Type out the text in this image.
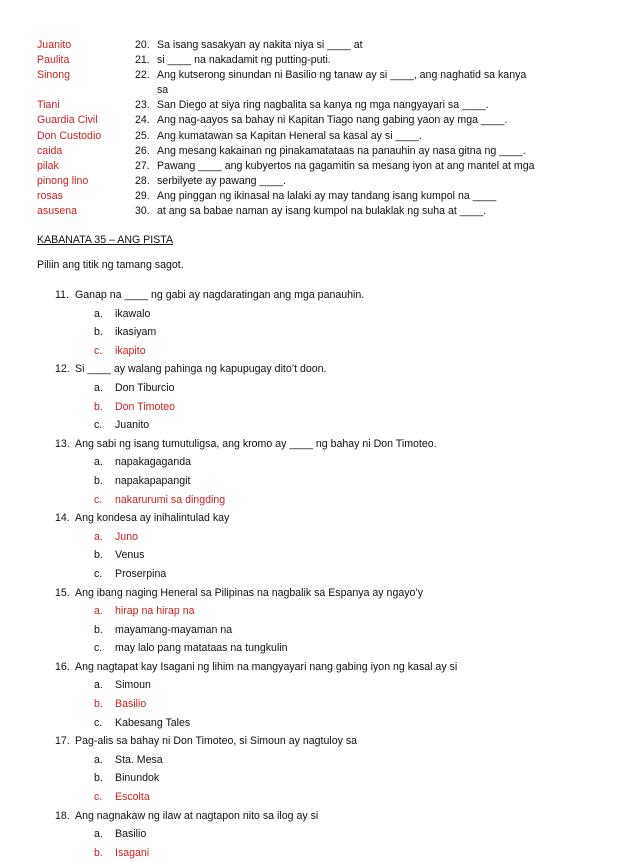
Juanito	20. Sa isang sasakyan ay nakita niya si ____ at
Paulita	21. si ____ na nakadamit ng putting-puti.
Sinong	22. Ang kutserong sinundan ni Basilio ng tanaw ay si ____, ang naghatid sa kanya
sa
Tiani	23. San Diego at siya ring nagbalita sa kanya ng mga nangyayari sa ____.
Guardia Civil	24. Ang nag-aayos sa bahay ni Kapitan Tiago nang gabing yaon ay mga ____.
Don Custodio	25. Ang kumatawan sa Kapitan Heneral sa kasal ay si ____.
caida	26. Ang mesang kakainan ng pinakamatataas na panauhin ay nasa gitna ng ____.
pilak	27. Pawang ____ ang kubyertos na gagamitin sa mesang iyon at ang mantel at mga
pinong lino	28. serbilyete ay pawang ____.
rosas	29. Ang pinggan ng ikinasal na lalaki ay may tandang isang kumpol na ____
asusena	30. at ang sa babae naman ay isang kumpol na bulaklak ng suha at ____.
KABANATA 35 – ANG PISTA
Piliin ang titik ng tamang sagot.
11. Ganap na ____ ng gabi ay nagdaratingan ang mga panauhin.
a.	ikawalo
b.	ikasiyam
c.	ikapito
12. Si ____ ay walang pahinga ng kapupugay dito’t doon.
a.	Don Tiburcio
b.	Don Timoteo
c.	Juanito
13. Ang sabi ng isang tumutuligsa, ang kromo ay ____ ng bahay ni Don Timoteo.
a.	napakagaganda
b.	napakapapangit
c.	nakarurumi sa dingding
14. Ang kondesa ay inihalintulad kay
a.	Juno
b.	Venus
c.	Proserpina
15. Ang ibang naging Heneral sa Pilipinas na nagbalik sa Espanya ay ngayo’y
a.	hirap na hirap na
b.	mayamang-mayaman na
c.	may lalo pang matataas na tungkulin
16. Ang nagtapat kay Isagani ng lihim na mangyayari nang gabing iyon ng kasal ay si
a.	Simoun
b.	Basilio
c.	Kabesang Tales
17. Pag-alis sa bahay ni Don Timoteo, si Simoun ay nagtuloy sa
a.	Sta. Mesa
b.	Binundok
c.	Escolta
18. Ang nagnakaw ng ilaw at nagtapon nito sa ilog ay si
a.	Basilio
b.	Isagani
